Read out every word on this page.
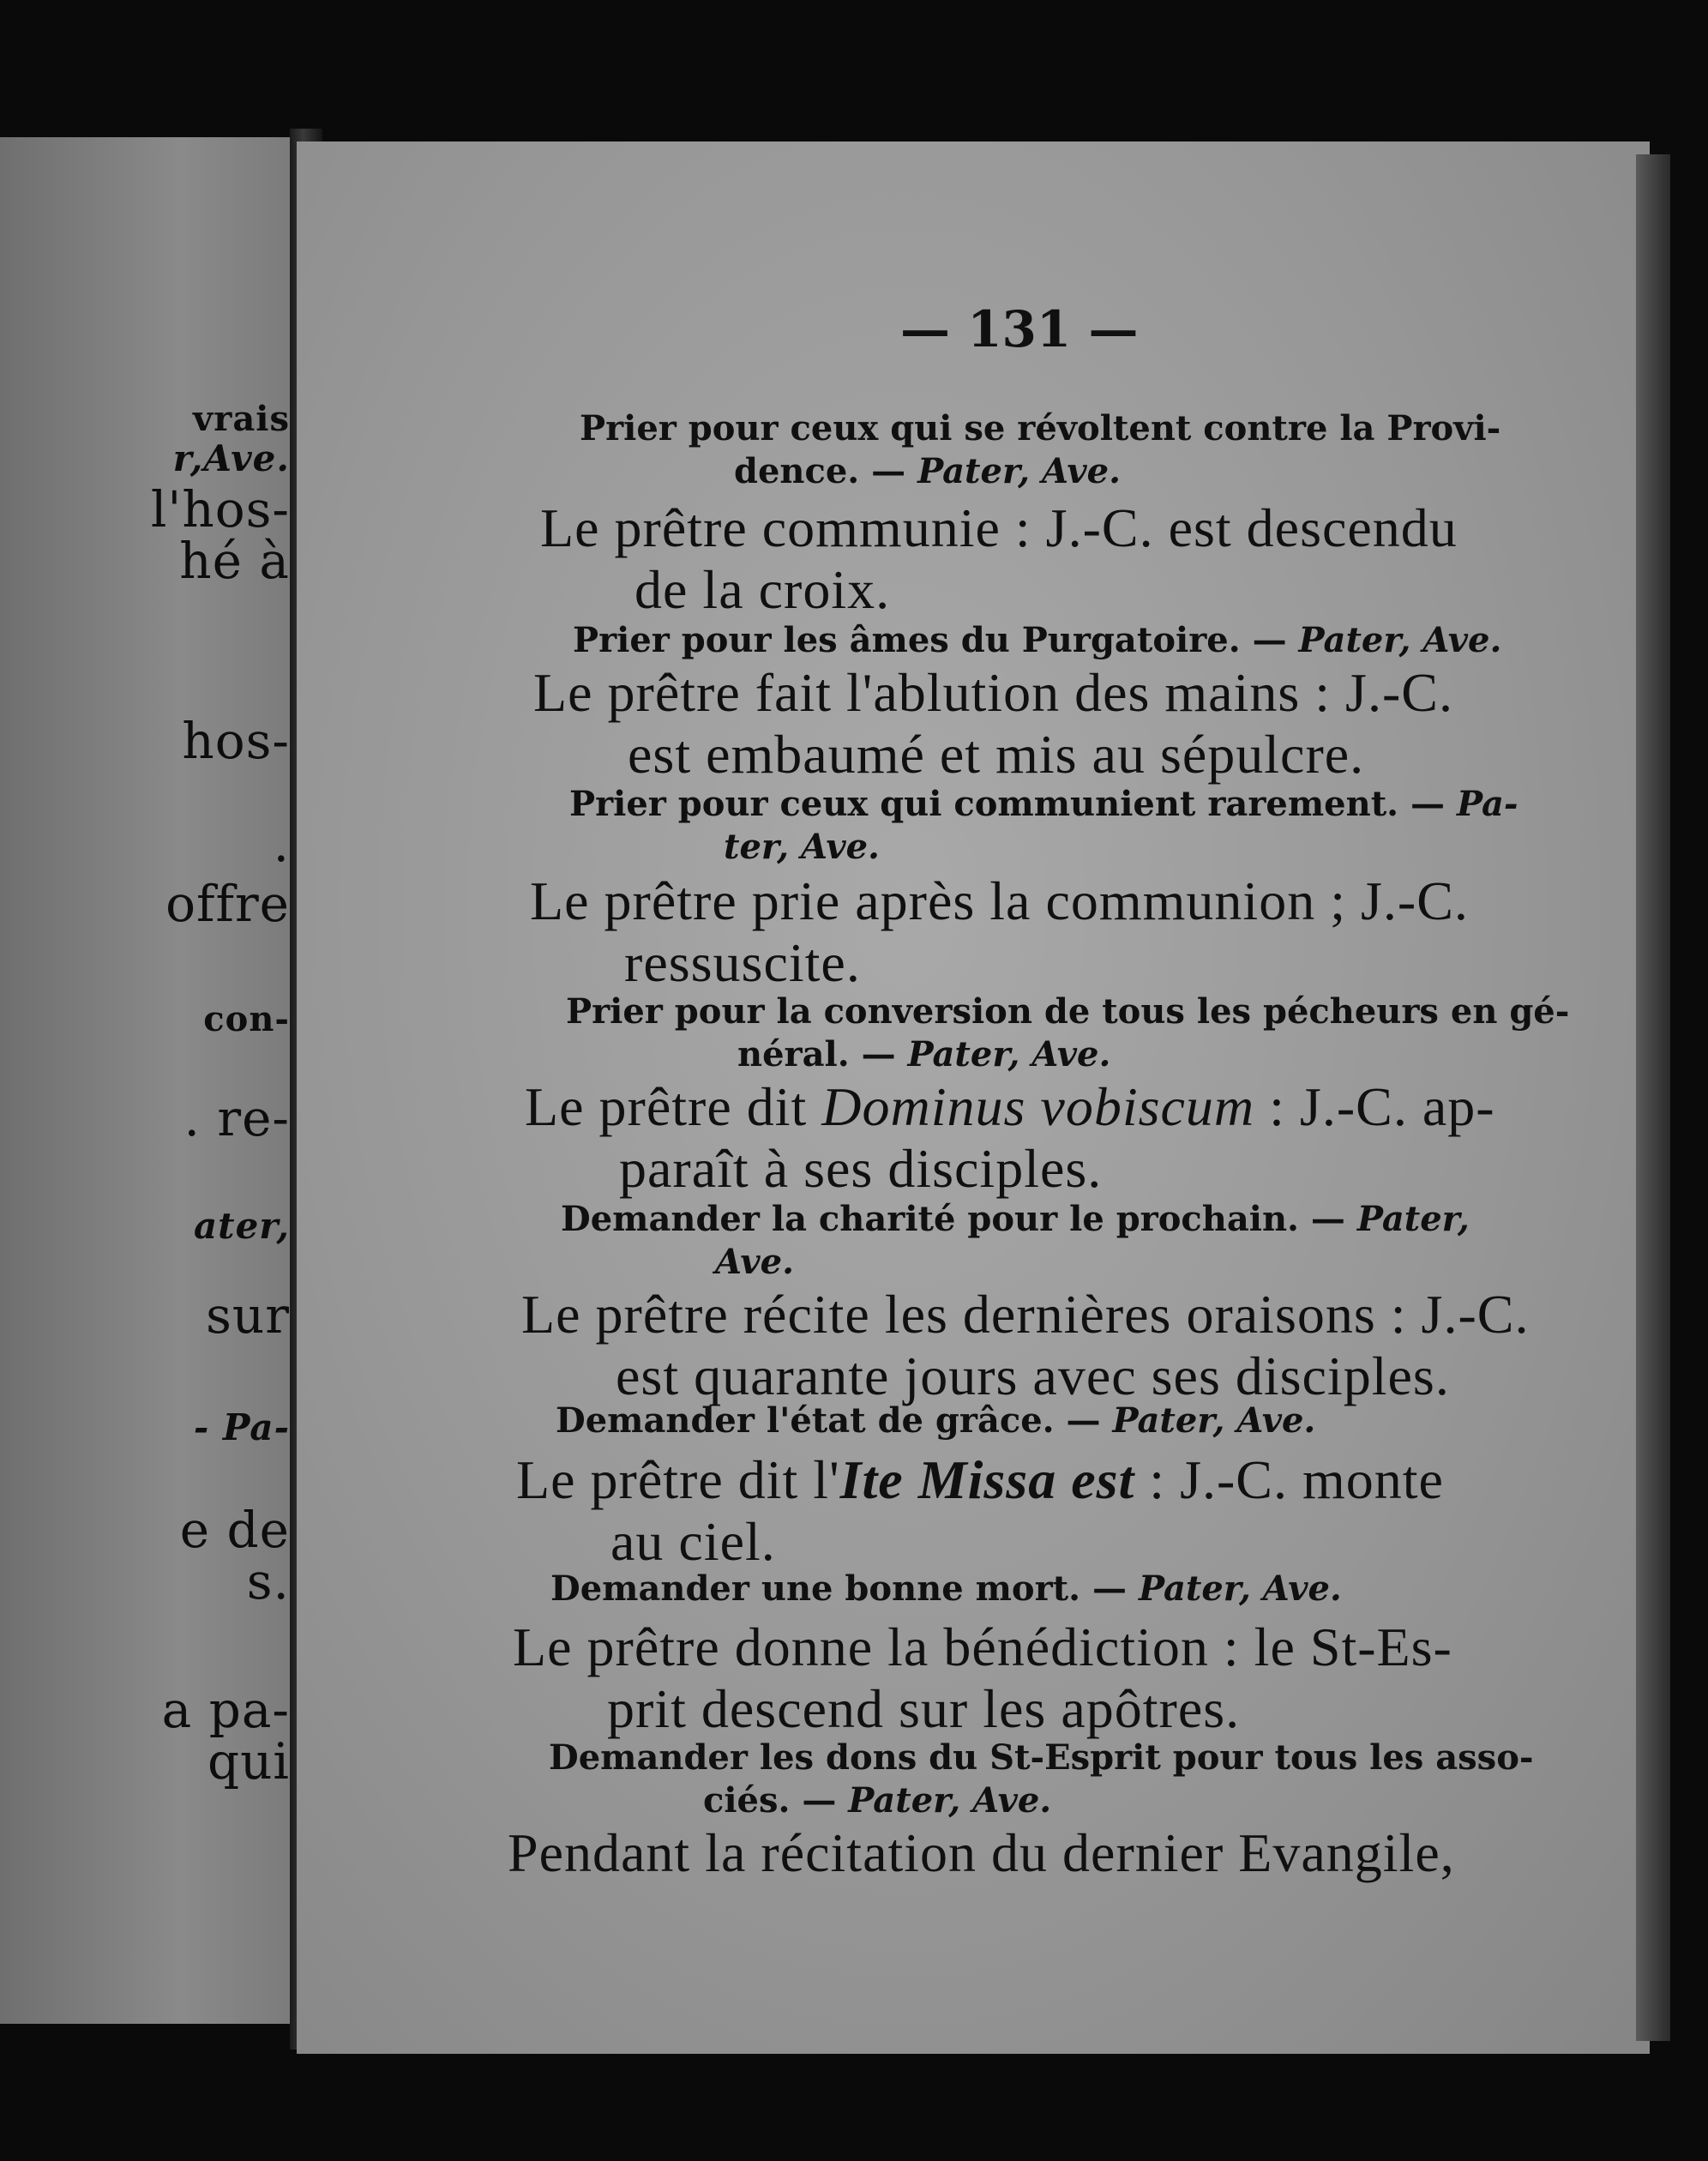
vrais
r,Ave.
l'hos-
hé à
hos-
.
offre
con-
. re-
ater,
sur
- Pa-
e de
s.
a pa-
qui
— 131 —
Prier pour ceux qui se révoltent contre la Provi-
dence. — Pater, Ave.
Le prêtre communie : J.-C. est descendu

de la croix.
Prier pour les âmes du Purgatoire. — Pater, Ave.
Le prêtre fait l'ablution des mains : J.-C.

est embaumé et mis au sépulcre.
Prier pour ceux qui communient rarement. — Pa-
ter, Ave.
Le prêtre prie après la communion ; J.-C.

ressuscite.
Prier pour la conversion de tous les pécheurs en gé-
néral. — Pater, Ave.
Le prêtre dit Dominus vobiscum : J.-C. ap-

paraît à ses disciples.
Demander la charité pour le prochain. — Pater,
Ave.
Le prêtre récite les dernières oraisons : J.-C.

est quarante jours avec ses disciples.
Demander l'état de grâce. — Pater, Ave.
Le prêtre dit l'Ite Missa est : J.-C. monte

au ciel.
Demander une bonne mort. — Pater, Ave.
Le prêtre donne la bénédiction : le St-Es-

prit descend sur les apôtres.
Demander les dons du St-Esprit pour tous les asso-
ciés. — Pater, Ave.
Pendant la récitation du dernier Evangile,
